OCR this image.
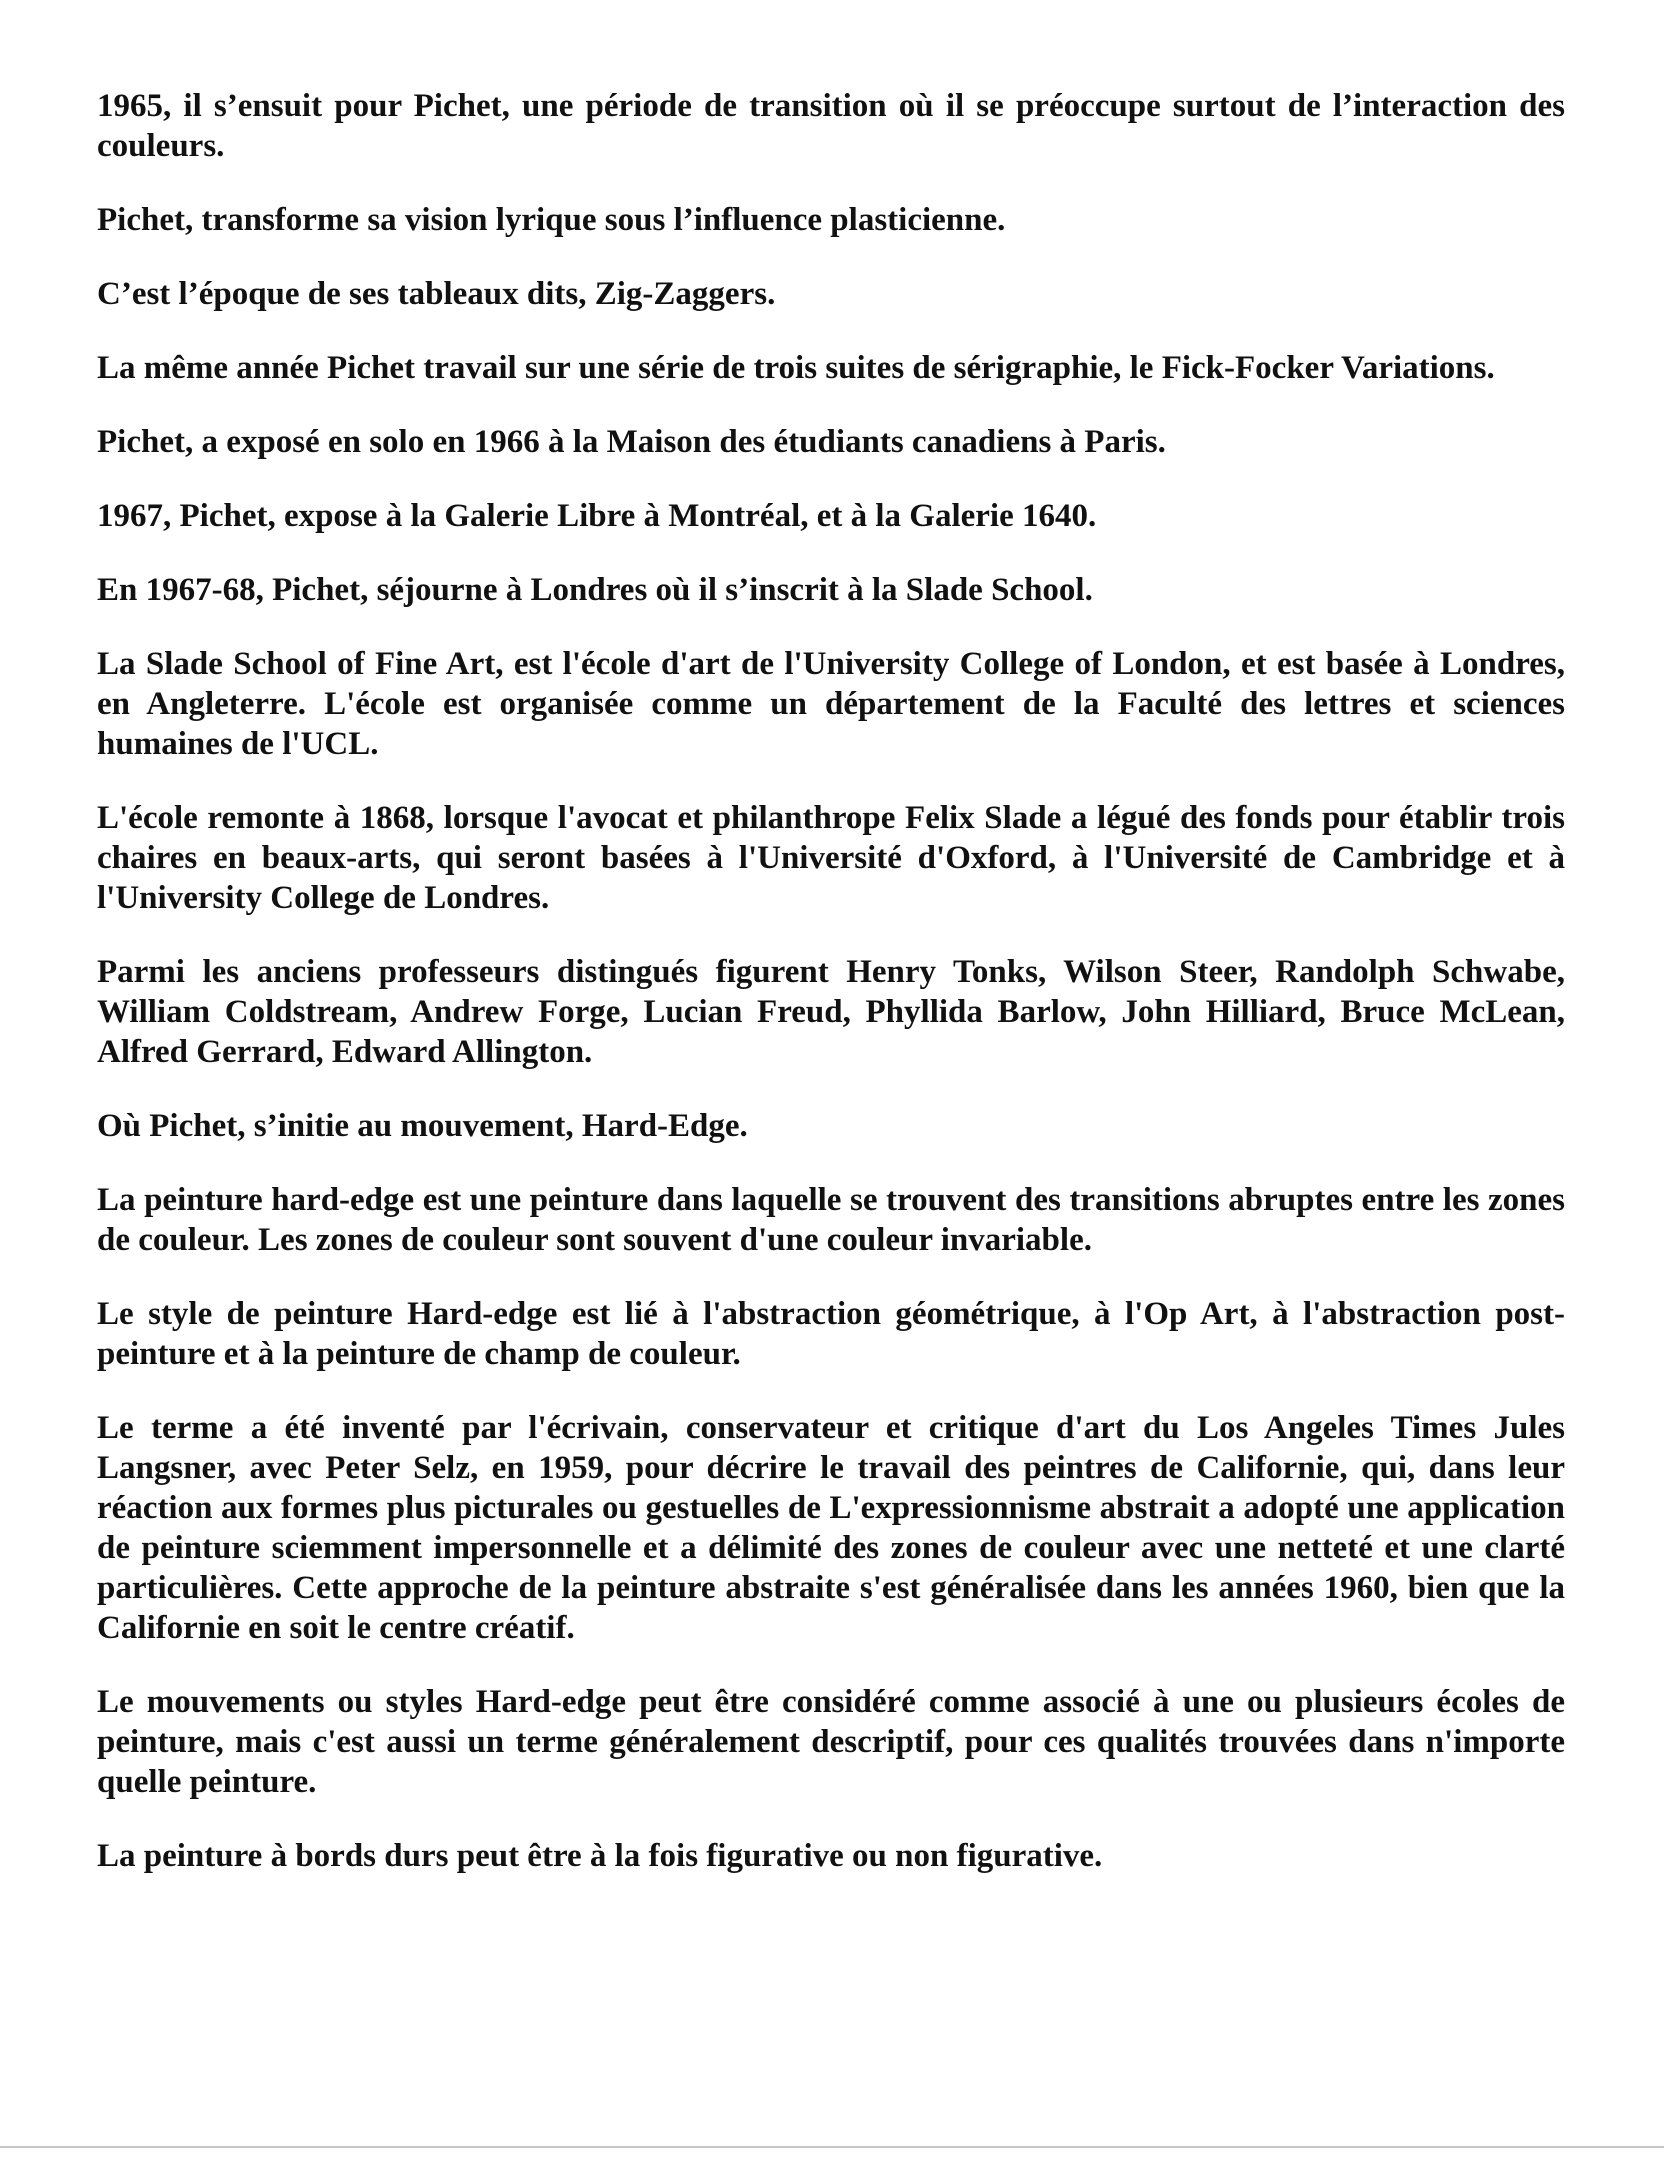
1965, il s’ensuit pour Pichet, une période de transition où il se préoccupe surtout de l’interaction des couleurs.

Pichet, transforme sa vision lyrique sous l’influence plasticienne.

C’est l’époque de ses tableaux dits, Zig-Zaggers.

La même année Pichet travail sur une série de trois suites de sérigraphie, le Fick-Focker Variations.

Pichet, a exposé en solo en 1966 à la Maison des étudiants canadiens à Paris.

1967, Pichet, expose à la Galerie Libre à Montréal, et à la Galerie 1640.

En 1967-68, Pichet, séjourne à Londres où il s’inscrit à la Slade School.

La Slade School of Fine Art, est l'école d'art de l'University College of London, et est basée à Londres, en Angleterre. L'école est organisée comme un département de la Faculté des lettres et sciences humaines de l'UCL.

L'école remonte à 1868, lorsque l'avocat et philanthrope Felix Slade a légué des fonds pour établir trois chaires en beaux-arts, qui seront basées à l'Université d'Oxford, à l'Université de Cambridge et à l'University College de Londres.

Parmi les anciens professeurs distingués figurent Henry Tonks, Wilson Steer, Randolph Schwabe, William Coldstream, Andrew Forge, Lucian Freud, Phyllida Barlow, John Hilliard, Bruce McLean, Alfred Gerrard, Edward Allington.

Où Pichet, s’initie au mouvement, Hard-Edge.

La peinture hard-edge est une peinture dans laquelle se trouvent des transitions abruptes entre les zones de couleur. Les zones de couleur sont souvent d'une couleur invariable.

Le style de peinture Hard-edge est lié à l'abstraction géométrique, à l'Op Art, à l'abstraction post-peinture et à la peinture de champ de couleur.

Le terme a été inventé par l'écrivain, conservateur et critique d'art du Los Angeles Times Jules Langsner, avec Peter Selz, en 1959, pour décrire le travail des peintres de Californie, qui, dans leur réaction aux formes plus picturales ou gestuelles de L'expressionnisme abstrait a adopté une application de peinture sciemment impersonnelle et a délimité des zones de couleur avec une netteté et une clarté particulières. Cette approche de la peinture abstraite s'est généralisée dans les années 1960, bien que la Californie en soit le centre créatif.

Le mouvements ou styles Hard-edge peut être considéré comme associé à une ou plusieurs écoles de peinture, mais c'est aussi un terme généralement descriptif, pour ces qualités trouvées dans n'importe quelle peinture.

La peinture à bords durs peut être à la fois figurative ou non figurative.
